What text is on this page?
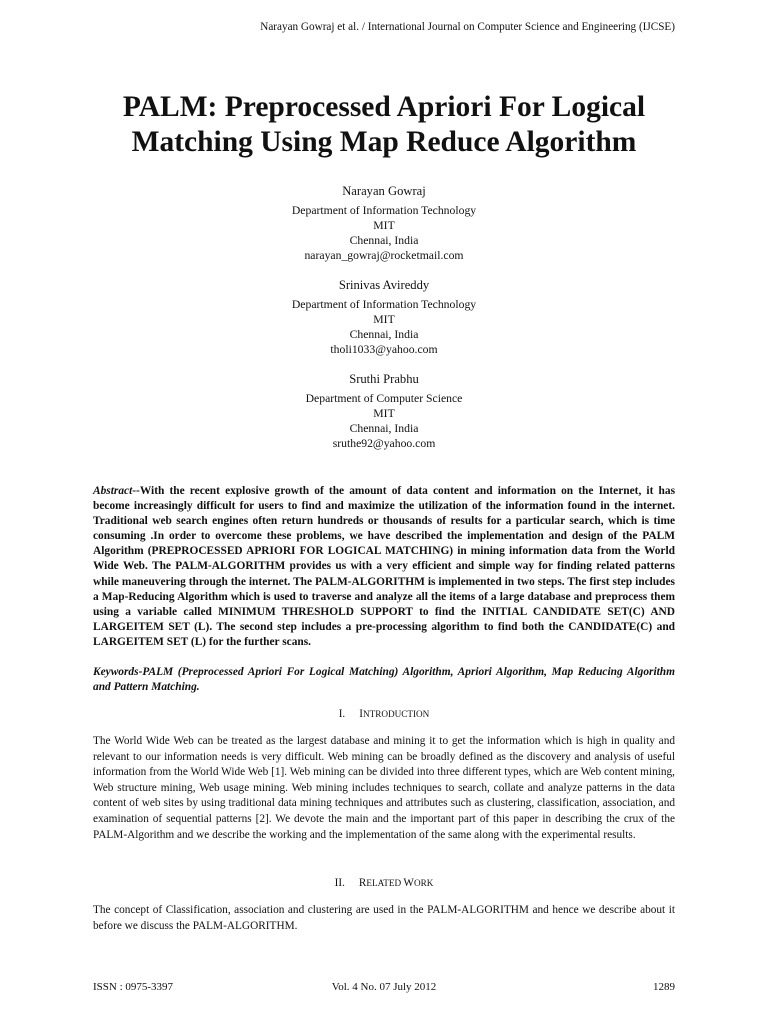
Narayan Gowraj et al. / International Journal on Computer Science and Engineering (IJCSE)
PALM: Preprocessed Apriori For Logical
Matching Using Map Reduce Algorithm
Narayan Gowraj
Department of Information Technology
MIT
Chennai, India
narayan_gowraj@rocketmail.com
Srinivas Avireddy
Department of Information Technology
MIT
Chennai, India
tholi1033@yahoo.com
Sruthi Prabhu
Department of Computer Science
MIT
Chennai, India
sruthe92@yahoo.com
Abstract--With the recent explosive growth of the amount of data content and information on the Internet, it has become increasingly difficult for users to find and maximize the utilization of the information found in the internet. Traditional web search engines often return hundreds or thousands of results for a particular search, which is time consuming .In order to overcome these problems, we have described the implementation and design of the PALM Algorithm (PREPROCESSED APRIORI FOR LOGICAL MATCHING) in mining information data from the World Wide Web. The PALM-ALGORITHM provides us with a very efficient and simple way for finding related patterns while maneuvering through the internet. The PALM-ALGORITHM is implemented in two steps. The first step includes a Map-Reducing Algorithm which is used to traverse and analyze all the items of a large database and preprocess them using a variable called MINIMUM THRESHOLD SUPPORT to find the INITIAL CANDIDATE SET(C) AND LARGEITEM SET (L). The second step includes a pre-processing algorithm to find both the CANDIDATE(C) and LARGEITEM SET (L) for the further scans.
Keywords-PALM (Preprocessed Apriori For Logical Matching) Algorithm, Apriori Algorithm, Map Reducing Algorithm and Pattern Matching.
I. INTRODUCTION
The World Wide Web can be treated as the largest database and mining it to get the information which is high in quality and relevant to our information needs is very difficult. Web mining can be broadly defined as the discovery and analysis of useful information from the World Wide Web [1]. Web mining can be divided into three different types, which are Web content mining, Web structure mining, Web usage mining. Web mining includes techniques to search, collate and analyze patterns in the data content of web sites by using traditional data mining techniques and attributes such as clustering, classification, association, and examination of sequential patterns [2]. We devote the main and the important part of this paper in describing the crux of the PALM-Algorithm and we describe the working and the implementation of the same along with the experimental results.
II. RELATED WORK
The concept of Classification, association and clustering are used in the PALM-ALGORITHM and hence we describe about it before we discuss the PALM-ALGORITHM.
ISSN : 0975-3397	Vol. 4 No. 07 July 2012	1289
